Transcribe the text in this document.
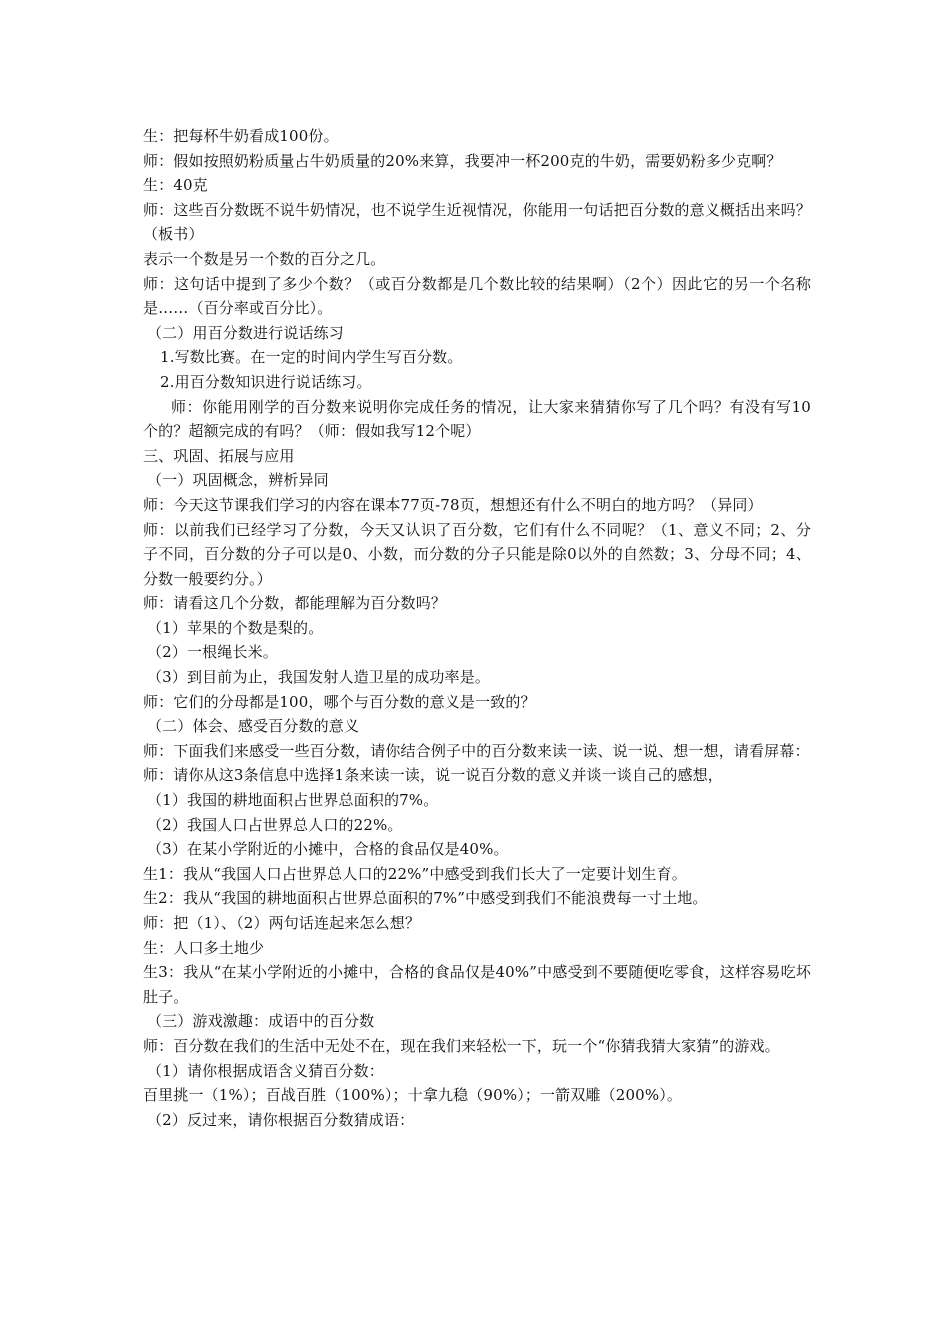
生：把每杯牛奶看成100份。

师：假如按照奶粉质量占牛奶质量的20%来算，我要冲一杯200克的牛奶，需要奶粉多少克啊？

生：40克

师：这些百分数既不说牛奶情况，也不说学生近视情况，你能用一句话把百分数的意义概括出来吗？（板书）

表示一个数是另一个数的百分之几。

师：这句话中提到了多少个数？（或百分数都是几个数比较的结果啊）（2个）因此它的另一个名称是……（百分率或百分比）。

（二）用百分数进行说话练习

1.写数比赛。在一定的时间内学生写百分数。

2.用百分数知识进行说话练习。

师：你能用刚学的百分数来说明你完成任务的情况，让大家来猜猜你写了几个吗？有没有写10个的？超额完成的有吗？（师：假如我写12个呢）

三、巩固、拓展与应用

（一）巩固概念，辨析异同

师：今天这节课我们学习的内容在课本77页-78页，想想还有什么不明白的地方吗？（异同）

师：以前我们已经学习了分数，今天又认识了百分数，它们有什么不同呢？（1、意义不同；2、分子不同，百分数的分子可以是0、小数，而分数的分子只能是除0以外的自然数；3、分母不同；4、分数一般要约分。）

师：请看这几个分数，都能理解为百分数吗？

（1）苹果的个数是梨的。

（2）一根绳长米。

（3）到目前为止，我国发射人造卫星的成功率是。

师：它们的分母都是100，哪个与百分数的意义是一致的？

（二）体会、感受百分数的意义

师：下面我们来感受一些百分数，请你结合例子中的百分数来读一读、说一说、想一想，请看屏幕：

师：请你从这3条信息中选择1条来读一读，说一说百分数的意义并谈一谈自己的感想，

（1）我国的耕地面积占世界总面积的7%。

（2）我国人口占世界总人口的22%。

（3）在某小学附近的小摊中，合格的食品仅是40%。

生1：我从“我国人口占世界总人口的22%”中感受到我们长大了一定要计划生育。

生2：我从“我国的耕地面积占世界总面积的7%”中感受到我们不能浪费每一寸土地。

师：把（1）、（2）两句话连起来怎么想？

生：人口多土地少

生3：我从“在某小学附近的小摊中，合格的食品仅是40%”中感受到不要随便吃零食，这样容易吃坏肚子。

（三）游戏激趣：成语中的百分数

师：百分数在我们的生活中无处不在，现在我们来轻松一下，玩一个“你猜我猜大家猜”的游戏。

（1）请你根据成语含义猜百分数：

百里挑一（1%）；百战百胜（100%）；十拿九稳（90%）；一箭双雕（200%）。

（2）反过来，请你根据百分数猜成语：
